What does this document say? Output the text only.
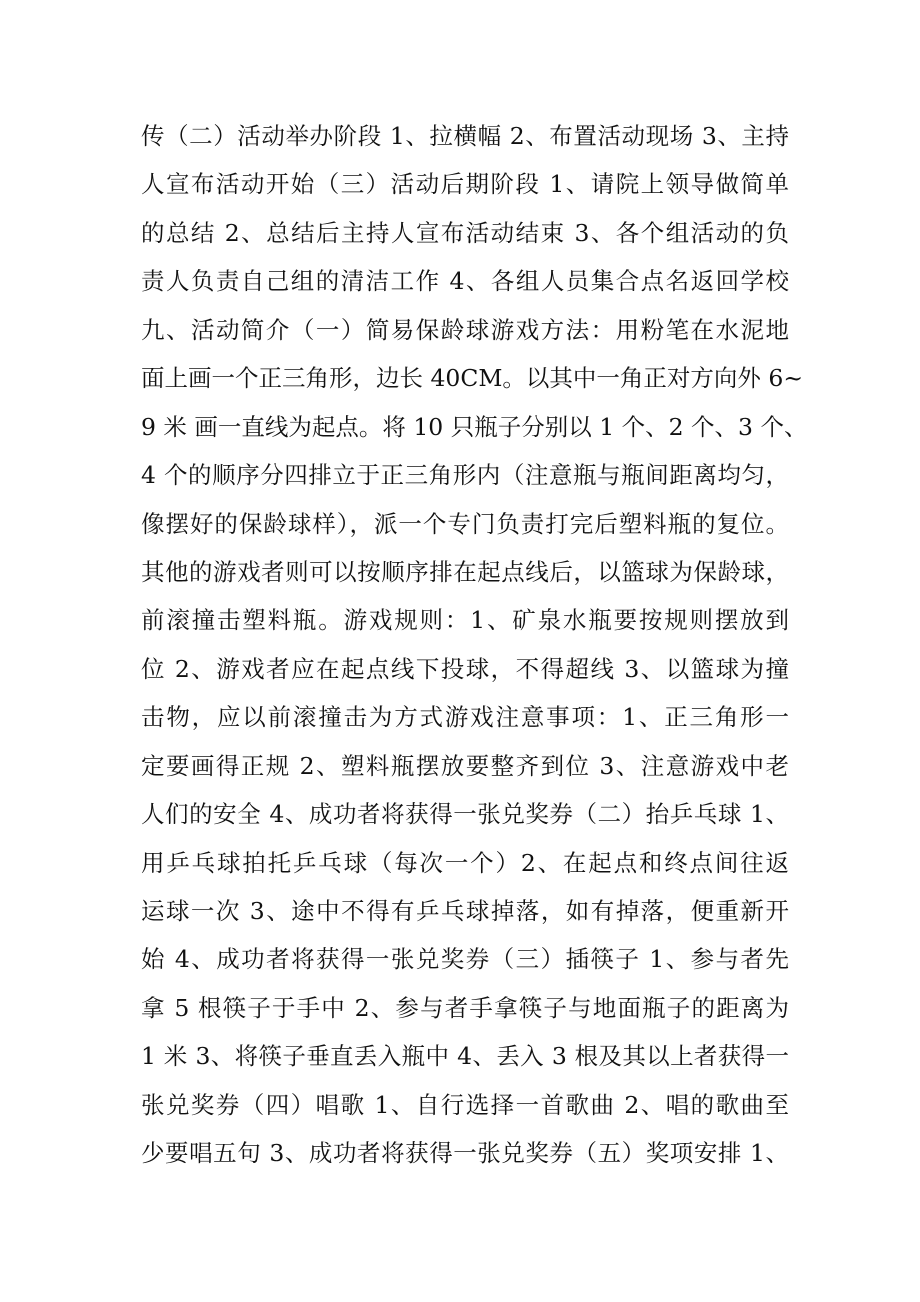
传（二）活动举办阶段 1、拉横幅 2、布置活动现场 3、主持
人宣布活动开始（三）活动后期阶段 1、请院上领导做简单
的总结 2、总结后主持人宣布活动结束 3、各个组活动的负
责人负责自己组的清洁工作 4、各组人员集合点名返回学校
九、活动简介（一）简易保龄球游戏方法：用粉笔在水泥地
面上画一个正三角形，边长 40CM。以其中一角正对方向外 6~
9 米 画一直线为起点。将 10 只瓶子分别以 1 个、2 个、3 个、
4 个的顺序分四排立于正三角形内（注意瓶与瓶间距离均匀，
像摆好的保龄球样），派一个专门负责打完后塑料瓶的复位。
其他的游戏者则可以按顺序排在起点线后，以篮球为保龄球，
前滚撞击塑料瓶。游戏规则：1、矿泉水瓶要按规则摆放到
位 2、游戏者应在起点线下投球，不得超线 3、以篮球为撞
击物，应以前滚撞击为方式游戏注意事项：1、正三角形一
定要画得正规 2、塑料瓶摆放要整齐到位 3、注意游戏中老
人们的安全 4、成功者将获得一张兑奖券（二）抬乒乓球 1、
用乒乓球拍托乒乓球（每次一个）2、在起点和终点间往返
运球一次 3、途中不得有乒乓球掉落，如有掉落，便重新开
始 4、成功者将获得一张兑奖券（三）插筷子 1、参与者先
拿 5 根筷子于手中 2、参与者手拿筷子与地面瓶子的距离为
1 米 3、将筷子垂直丢入瓶中 4、丢入 3 根及其以上者获得一
张兑奖券（四）唱歌 1、自行选择一首歌曲 2、唱的歌曲至
少要唱五句 3、成功者将获得一张兑奖券（五）奖项安排 1、
